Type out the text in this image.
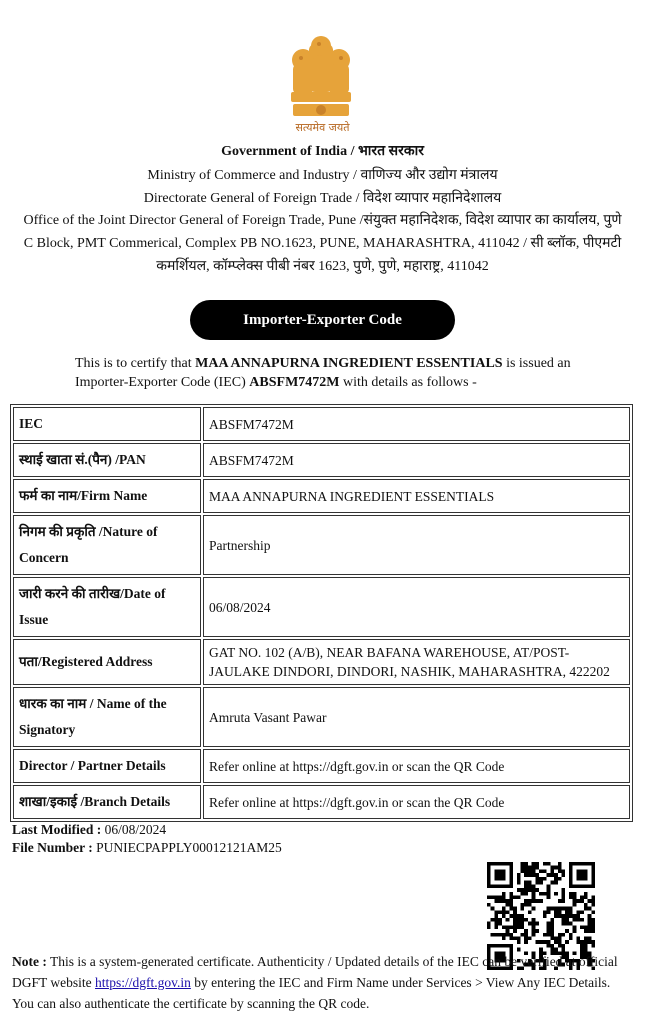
सत्यमेव जयते
Government of India / भारत सरकार
Ministry of Commerce and Industry / वाणिज्य और उद्योग मंत्रालय
Directorate General of Foreign Trade / विदेश व्यापार महानिदेशालय
Office of the Joint Director General of Foreign Trade, Pune /संयुक्त महानिदेशक, विदेश व्यापार का कार्यालय, पुणे
C Block, PMT Commerical, Complex PB NO.1623, PUNE, MAHARASHTRA, 411042 / सी ब्लॉक, पीएमटी
कमर्शियल, कॉम्प्लेक्स पीबी नंबर 1623, पुणे, पुणे, महाराष्ट्र, 411042
Importer-Exporter Code
This is to certify that MAA ANNAPURNA INGREDIENT ESSENTIALS is issued an Importer-Exporter Code (IEC) ABSFM7472M with details as follows -
IEC	ABSFM7472M
स्थाई खाता सं.(पैन) /PAN	ABSFM7472M
फर्म का नाम/Firm Name	MAA ANNAPURNA INGREDIENT ESSENTIALS
निगम की प्रकृति /Nature of Concern	Partnership
जारी करने की तारीख/Date of Issue	06/08/2024
पता/Registered Address	GAT NO. 102 (A/B), NEAR BAFANA WAREHOUSE, AT/POST-JAULAKE DINDORI, DINDORI, NASHIK, MAHARASHTRA, 422202
धारक का नाम / Name of the Signatory	Amruta Vasant Pawar
Director / Partner Details	Refer online at https://dgft.gov.in or scan the QR Code
शाखा/इकाई /Branch Details	Refer online at https://dgft.gov.in or scan the QR Code
Last Modified : 06/08/2024
File Number : PUNIECPAPPLY00012121AM25
Note : This is a system-generated certificate. Authenticity / Updated details of the IEC can be verified at official DGFT website https://dgft.gov.in by entering the IEC and Firm Name under Services > View Any IEC Details. You can also authenticate the certificate by scanning the QR code.
